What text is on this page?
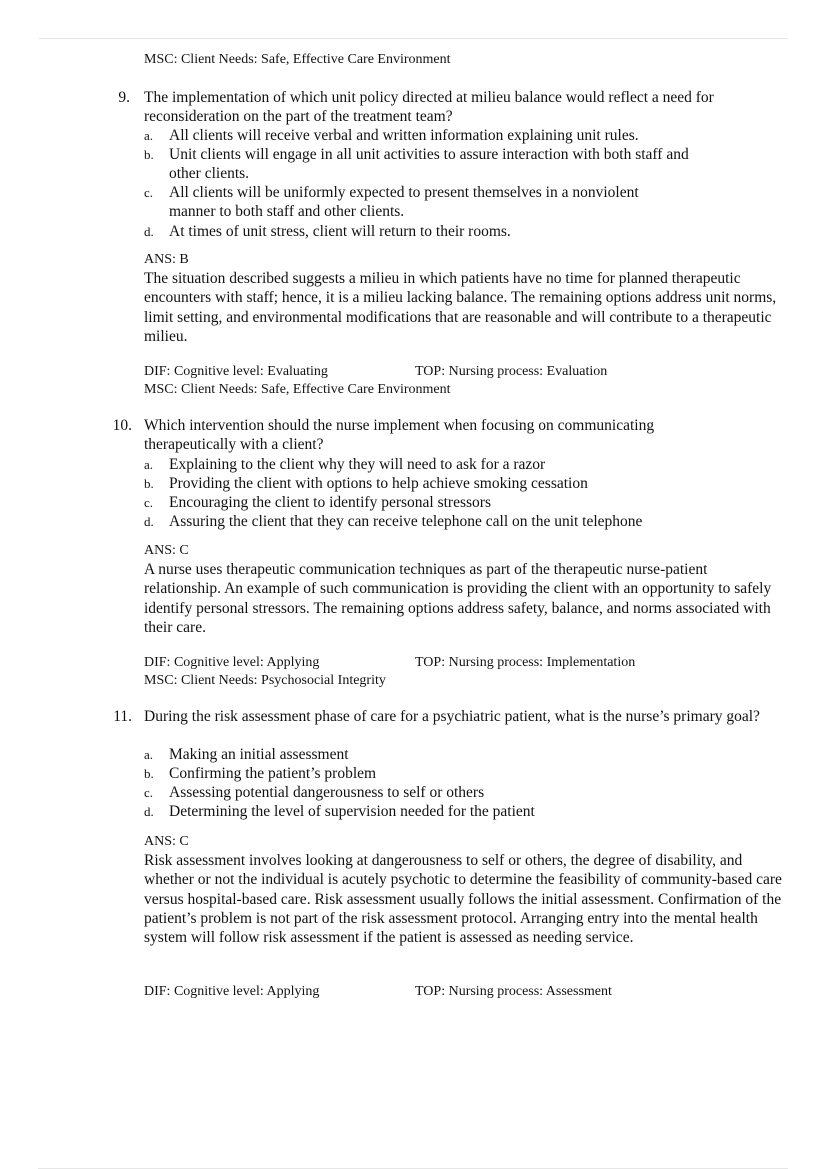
MSC: Client Needs: Safe, Effective Care Environment
9. The implementation of which unit policy directed at milieu balance would reflect a need for reconsideration on the part of the treatment team?
a. All clients will receive verbal and written information explaining unit rules.
b. Unit clients will engage in all unit activities to assure interaction with both staff and other clients.
c. All clients will be uniformly expected to present themselves in a nonviolent manner to both staff and other clients.
d. At times of unit stress, client will return to their rooms.
ANS: B
The situation described suggests a milieu in which patients have no time for planned therapeutic encounters with staff; hence, it is a milieu lacking balance. The remaining options address unit norms, limit setting, and environmental modifications that are reasonable and will contribute to a therapeutic milieu.
DIF: Cognitive level: Evaluating	TOP: Nursing process: Evaluation
MSC: Client Needs: Safe, Effective Care Environment
10. Which intervention should the nurse implement when focusing on communicating therapeutically with a client?
a. Explaining to the client why they will need to ask for a razor
b. Providing the client with options to help achieve smoking cessation
c. Encouraging the client to identify personal stressors
d. Assuring the client that they can receive telephone call on the unit telephone
ANS: C
A nurse uses therapeutic communication techniques as part of the therapeutic nurse-patient relationship. An example of such communication is providing the client with an opportunity to safely identify personal stressors. The remaining options address safety, balance, and norms associated with their care.
DIF: Cognitive level: Applying	TOP: Nursing process: Implementation
MSC: Client Needs: Psychosocial Integrity
11. During the risk assessment phase of care for a psychiatric patient, what is the nurse’s primary goal?
a. Making an initial assessment
b. Confirming the patient’s problem
c. Assessing potential dangerousness to self or others
d. Determining the level of supervision needed for the patient
ANS: C
Risk assessment involves looking at dangerousness to self or others, the degree of disability, and whether or not the individual is acutely psychotic to determine the feasibility of community-based care versus hospital-based care. Risk assessment usually follows the initial assessment. Confirmation of the patient’s problem is not part of the risk assessment protocol. Arranging entry into the mental health system will follow risk assessment if the patient is assessed as needing service.
DIF: Cognitive level: Applying	TOP: Nursing process: Assessment
